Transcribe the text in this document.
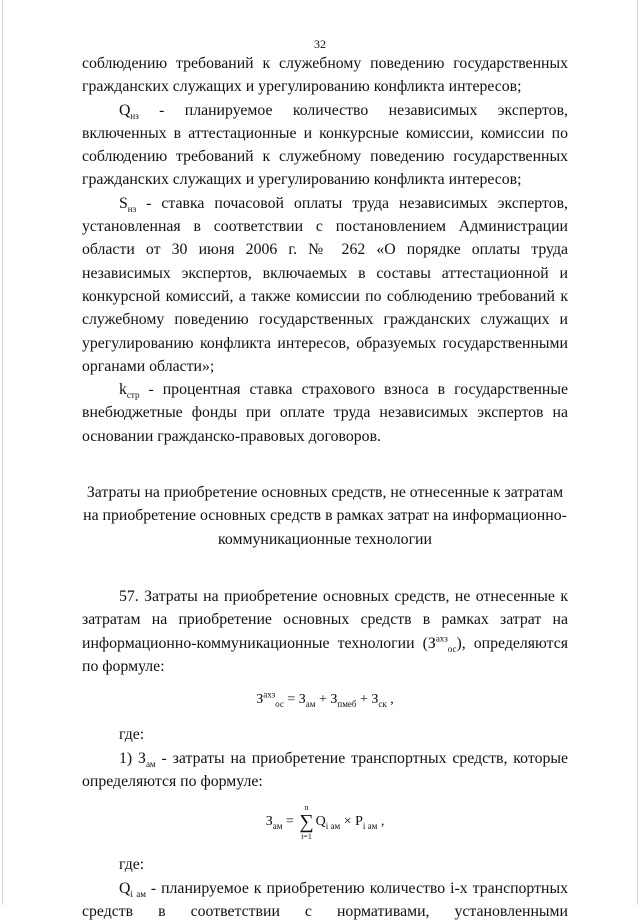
32

соблюдению требований к служебному поведению государственных гражданских служащих и урегулированию конфликта интересов;

$Q_{нз}$ - планируемое количество независимых экспертов, включенных в аттестационные и конкурсные комиссии, комиссии по соблюдению требований к служебному поведению государственных гражданских служащих и урегулированию конфликта интересов;

$S_{нз}$ - ставка почасовой оплаты труда независимых экспертов, установленная в соответствии с постановлением Администрации области от 30 июня 2006 г. № 262 «О порядке оплаты труда независимых экспертов, включаемых в составы аттестационной и конкурсной комиссий, а также комиссии по соблюдению требований к служебному поведению государственных гражданских служащих и урегулированию конфликта интересов, образуемых государственными органами области»;

$k_{стр}$ - процентная ставка страхового взноса в государственные внебюджетные фонды при оплате труда независимых экспертов на основании гражданско-правовых договоров.

Затраты на приобретение основных средств, не отнесенные к затратам на приобретение основных средств в рамках затрат на информационно-коммуникационные технологии

57. Затраты на приобретение основных средств, не отнесенные к затратам на приобретение основных средств в рамках затрат на информационно-коммуникационные технологии $(З^{ахз}_{ос})$, определяются по формуле:

$З^{ахз}_{ос} = З_{ам} + З_{пмеб} + З_{ск}$ ,
где:

1) $З_{ам}$ - затраты на приобретение транспортных средств, которые определяются по формуле:

$З_{ам}$ =
n
∑
i=1
$Q_{i ам} \times P_{i ам}$ ,
где:

$Q_{i ам}$ - планируемое к приобретению количество i-х транспортных средств в соответствии с нормативами, установленными
